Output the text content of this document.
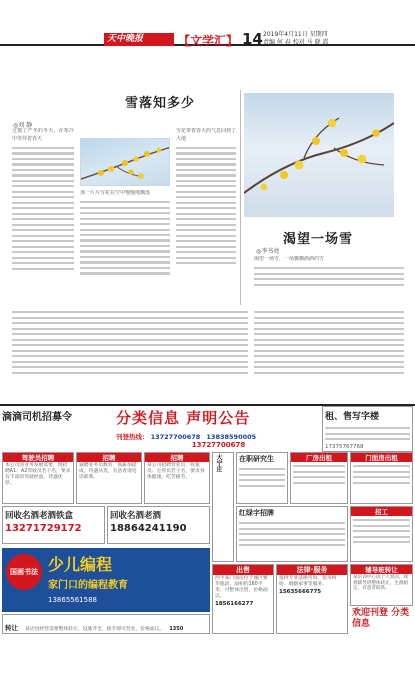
天中晚报	【文学汇】 14 2019年4月11日 星期四
责编 何 春 校对 马 晓 霞
雪落知多少
◎刘 静
过惯了严冬的冬天，在寒冷中等待着春天
那一片片雪花在空中慢慢地飘落
雪花带着春天的气息回到了大地
渴望一场雪
◎李书亮
渴望一场雪，一场飘飘洒洒的雪
滴滴司机招募令	分类信息 声明公告
刊登热线： 13727700678 13838590005
13727700678
租、售写字楼
17375767768
驾驶员招聘
本公司因业务发展需要，现招聘A1、A2驾驶员若干名，要求有丰富的驾驶经验，待遇优厚。
招聘
诚聘业务员数名，底薪加提成，待遇从优，有意者请电话联系。
招聘
某公司招聘营业员、收银员、仓管员若干名，要求身体健康，吃苦耐劳。
大宁庄 在职研究生	厂房出租	门面房出租
回收名酒老酒铁盒
13271729172
回收名酒老酒
18864241190
红绿字招牌	招工
国画书法 少儿编程
家门口的编程教育
13865561588
出售
西平某门面房位于城区繁华地段，面积约160平米，可整体出售，价格面议。
1856166277
法律·服务
提供专业法律咨询、债务纠纷、婚姻家事等服务。
15635666775
辅导班转让
某培训中心因个人原因，现将辅导班整体转让，生源稳定，有意者联系。
欢迎刊登 分类信息
转让 某店因经营需要整体转让，设施齐全，接手即可营业，价格面议。 1350
